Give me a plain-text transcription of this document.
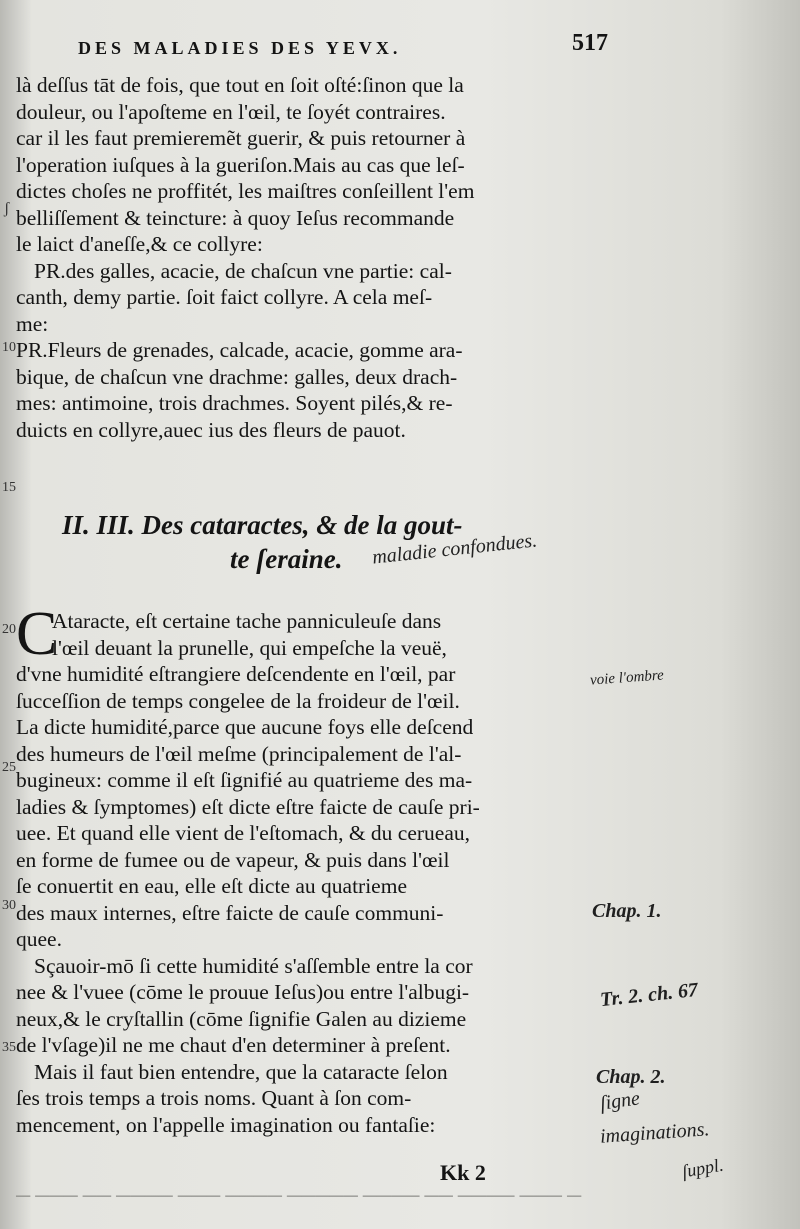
DES MALADIES DES YEVX.	517
ʃ
10
15
20
25
30
35
là deſſus tāt de fois, que tout en ſoit oſté:ſinon que la
douleur, ou l'apoſteme en l'œil, te ſoyét contraires.
car il les faut premieremẽt guerir, & puis retourner à
l'operation iuſques à la gueriſon.Mais au cas que leſ-
dictes choſes ne proffitét, les maiſtres conſeillent l'em
belliſſement & teincture: à quoy Ieſus recommande
le laict d'aneſſe,& ce collyre:
PR.des galles, acacie, de chaſcun vne partie: cal-
canth, demy partie. ſoit faict collyre. A cela meſ-
me:
PR.Fleurs de grenades, calcade, acacie, gomme ara-
bique, de chaſcun vne drachme: galles, deux drach-
mes: antimoine, trois drachmes. Soyent pilés,& re-
duicts en collyre,auec ius des fleurs de pauot.
II. III. Des cataractes, & de la gout-
te ſeraine.	maladie confondues.
C
Ataracte, eſt certaine tache panniculeuſe dans
l'œil deuant la prunelle, qui empeſche la veuë,
d'vne humidité eſtrangiere deſcendente en l'œil, par
ſucceſſion de temps congelee de la froideur de l'œil.
La dicte humidité,parce que aucune foys elle deſcend
des humeurs de l'œil meſme (principalement de l'al-
bugineux: comme il eſt ſignifié au quatrieme des ma-
ladies & ſymptomes) eſt dicte eſtre faicte de cauſe pri-
uee. Et quand elle vient de l'eſtomach, & du cerueau,
en forme de fumee ou de vapeur, & puis dans l'œil
ſe conuertit en eau, elle eſt dicte au quatrieme
des maux internes, eſtre faicte de cauſe communi-
quee.
Sçauoir-mō ſi cette humidité s'aſſemble entre la cor
nee & l'vuee (cōme le prouue Ieſus)ou entre l'albugi-
neux,& le cryſtallin (cōme ſignifie Galen au dizieme
de l'vſage)il ne me chaut d'en determiner à preſent.
Mais il faut bien entendre, que la cataracte ſelon
ſes trois temps a trois noms. Quant à ſon com-
mencement, on l'appelle imagination ou fantaſie:
voie l'ombre
Chap. 1.
Tr. 2. ch. 67
Chap. 2.
ſigne
imaginations.
ſuppl.
Kk 2
─ ─── ── ──── ─── ──── ───── ──── ── ──── ─── ─
